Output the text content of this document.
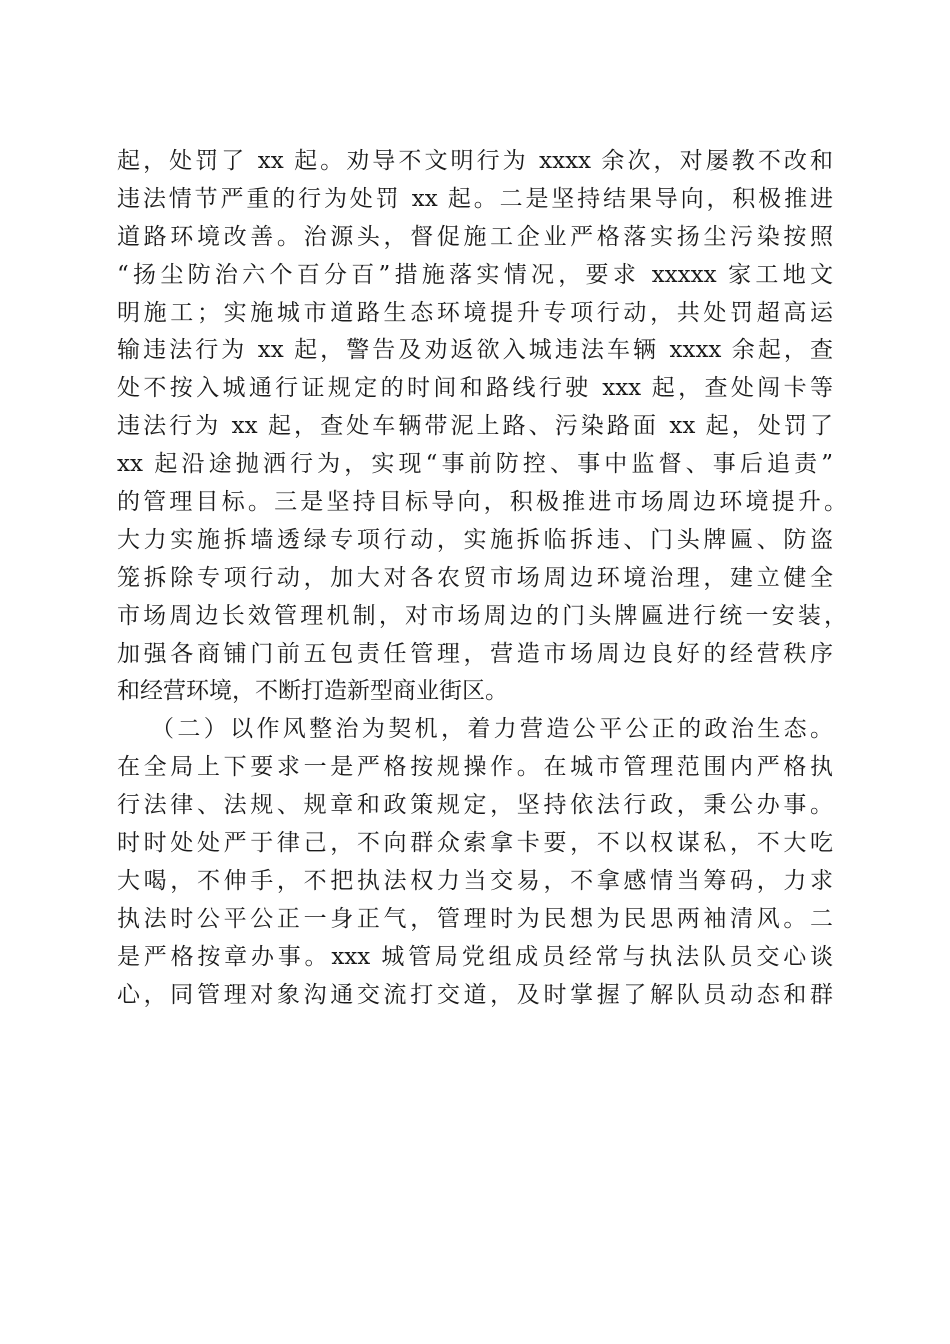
起，处罚了 xx 起。劝导不文明行为 xxxx 余次，对屡教不改和
违法情节严重的行为处罚 xx 起。二是坚持结果导向，积极推进
道路环境改善。治源头，督促施工企业严格落实扬尘污染按照
“扬尘防治六个百分百”措施落实情况，要求 xxxxx 家工地文
明施工；实施城市道路生态环境提升专项行动，共处罚超高运
输违法行为 xx 起，警告及劝返欲入城违法车辆 xxxx 余起，查
处不按入城通行证规定的时间和路线行驶 xxx 起，查处闯卡等
违法行为 xx 起，查处车辆带泥上路、污染路面 xx 起，处罚了
xx 起沿途抛洒行为，实现“事前防控、事中监督、事后追责”
的管理目标。三是坚持目标导向，积极推进市场周边环境提升。
大力实施拆墙透绿专项行动，实施拆临拆违、门头牌匾、防盗
笼拆除专项行动，加大对各农贸市场周边环境治理，建立健全
市场周边长效管理机制，对市场周边的门头牌匾进行统一安装，
加强各商铺门前五包责任管理，营造市场周边良好的经营秩序
和经营环境，不断打造新型商业街区。
（二）以作风整治为契机，着力营造公平公正的政治生态。
在全局上下要求一是严格按规操作。在城市管理范围内严格执
行法律、法规、规章和政策规定，坚持依法行政，秉公办事。
时时处处严于律己，不向群众索拿卡要，不以权谋私，不大吃
大喝，不伸手，不把执法权力当交易，不拿感情当筹码，力求
执法时公平公正一身正气，管理时为民想为民思两袖清风。二
是严格按章办事。xxx 城管局党组成员经常与执法队员交心谈
心，同管理对象沟通交流打交道，及时掌握了解队员动态和群
